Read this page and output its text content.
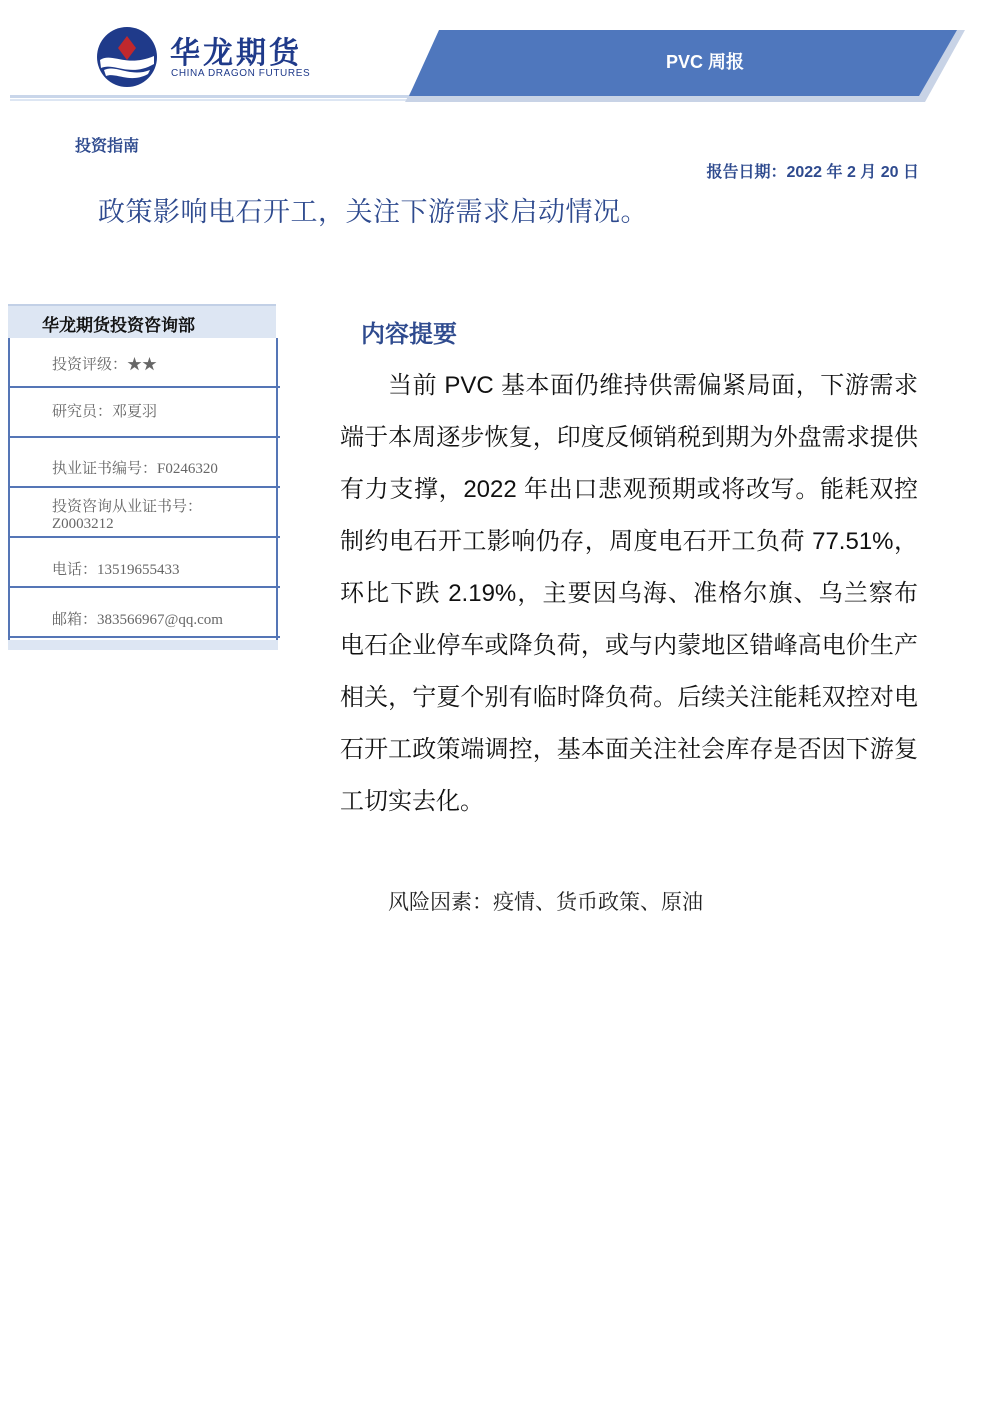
华龙期货
CHINA DRAGON FUTURES
PVC 周报
投资指南
报告日期：2022 年 2 月 20 日
政策影响电石开工，关注下游需求启动情况。
华龙期货投资咨询部
投资评级：★★
研究员：邓夏羽
执业证书编号：F0246320
投资咨询从业证书号：Z0003212
电话：13519655433
邮箱：383566967@qq.com
内容提要
当前 PVC 基本面仍维持供需偏紧局面，下游需求端于本周逐步恢复，印度反倾销税到期为外盘需求提供有力支撑，2022 年出口悲观预期或将改写。能耗双控制约电石开工影响仍存，周度电石开工负荷 77.51%，环比下跌 2.19%，主要因乌海、准格尔旗、乌兰察布电石企业停车或降负荷，或与内蒙地区错峰高电价生产相关，宁夏个别有临时降负荷。后续关注能耗双控对电石开工政策端调控，基本面关注社会库存是否因下游复工切实去化。
风险因素：疫情、货币政策、原油
